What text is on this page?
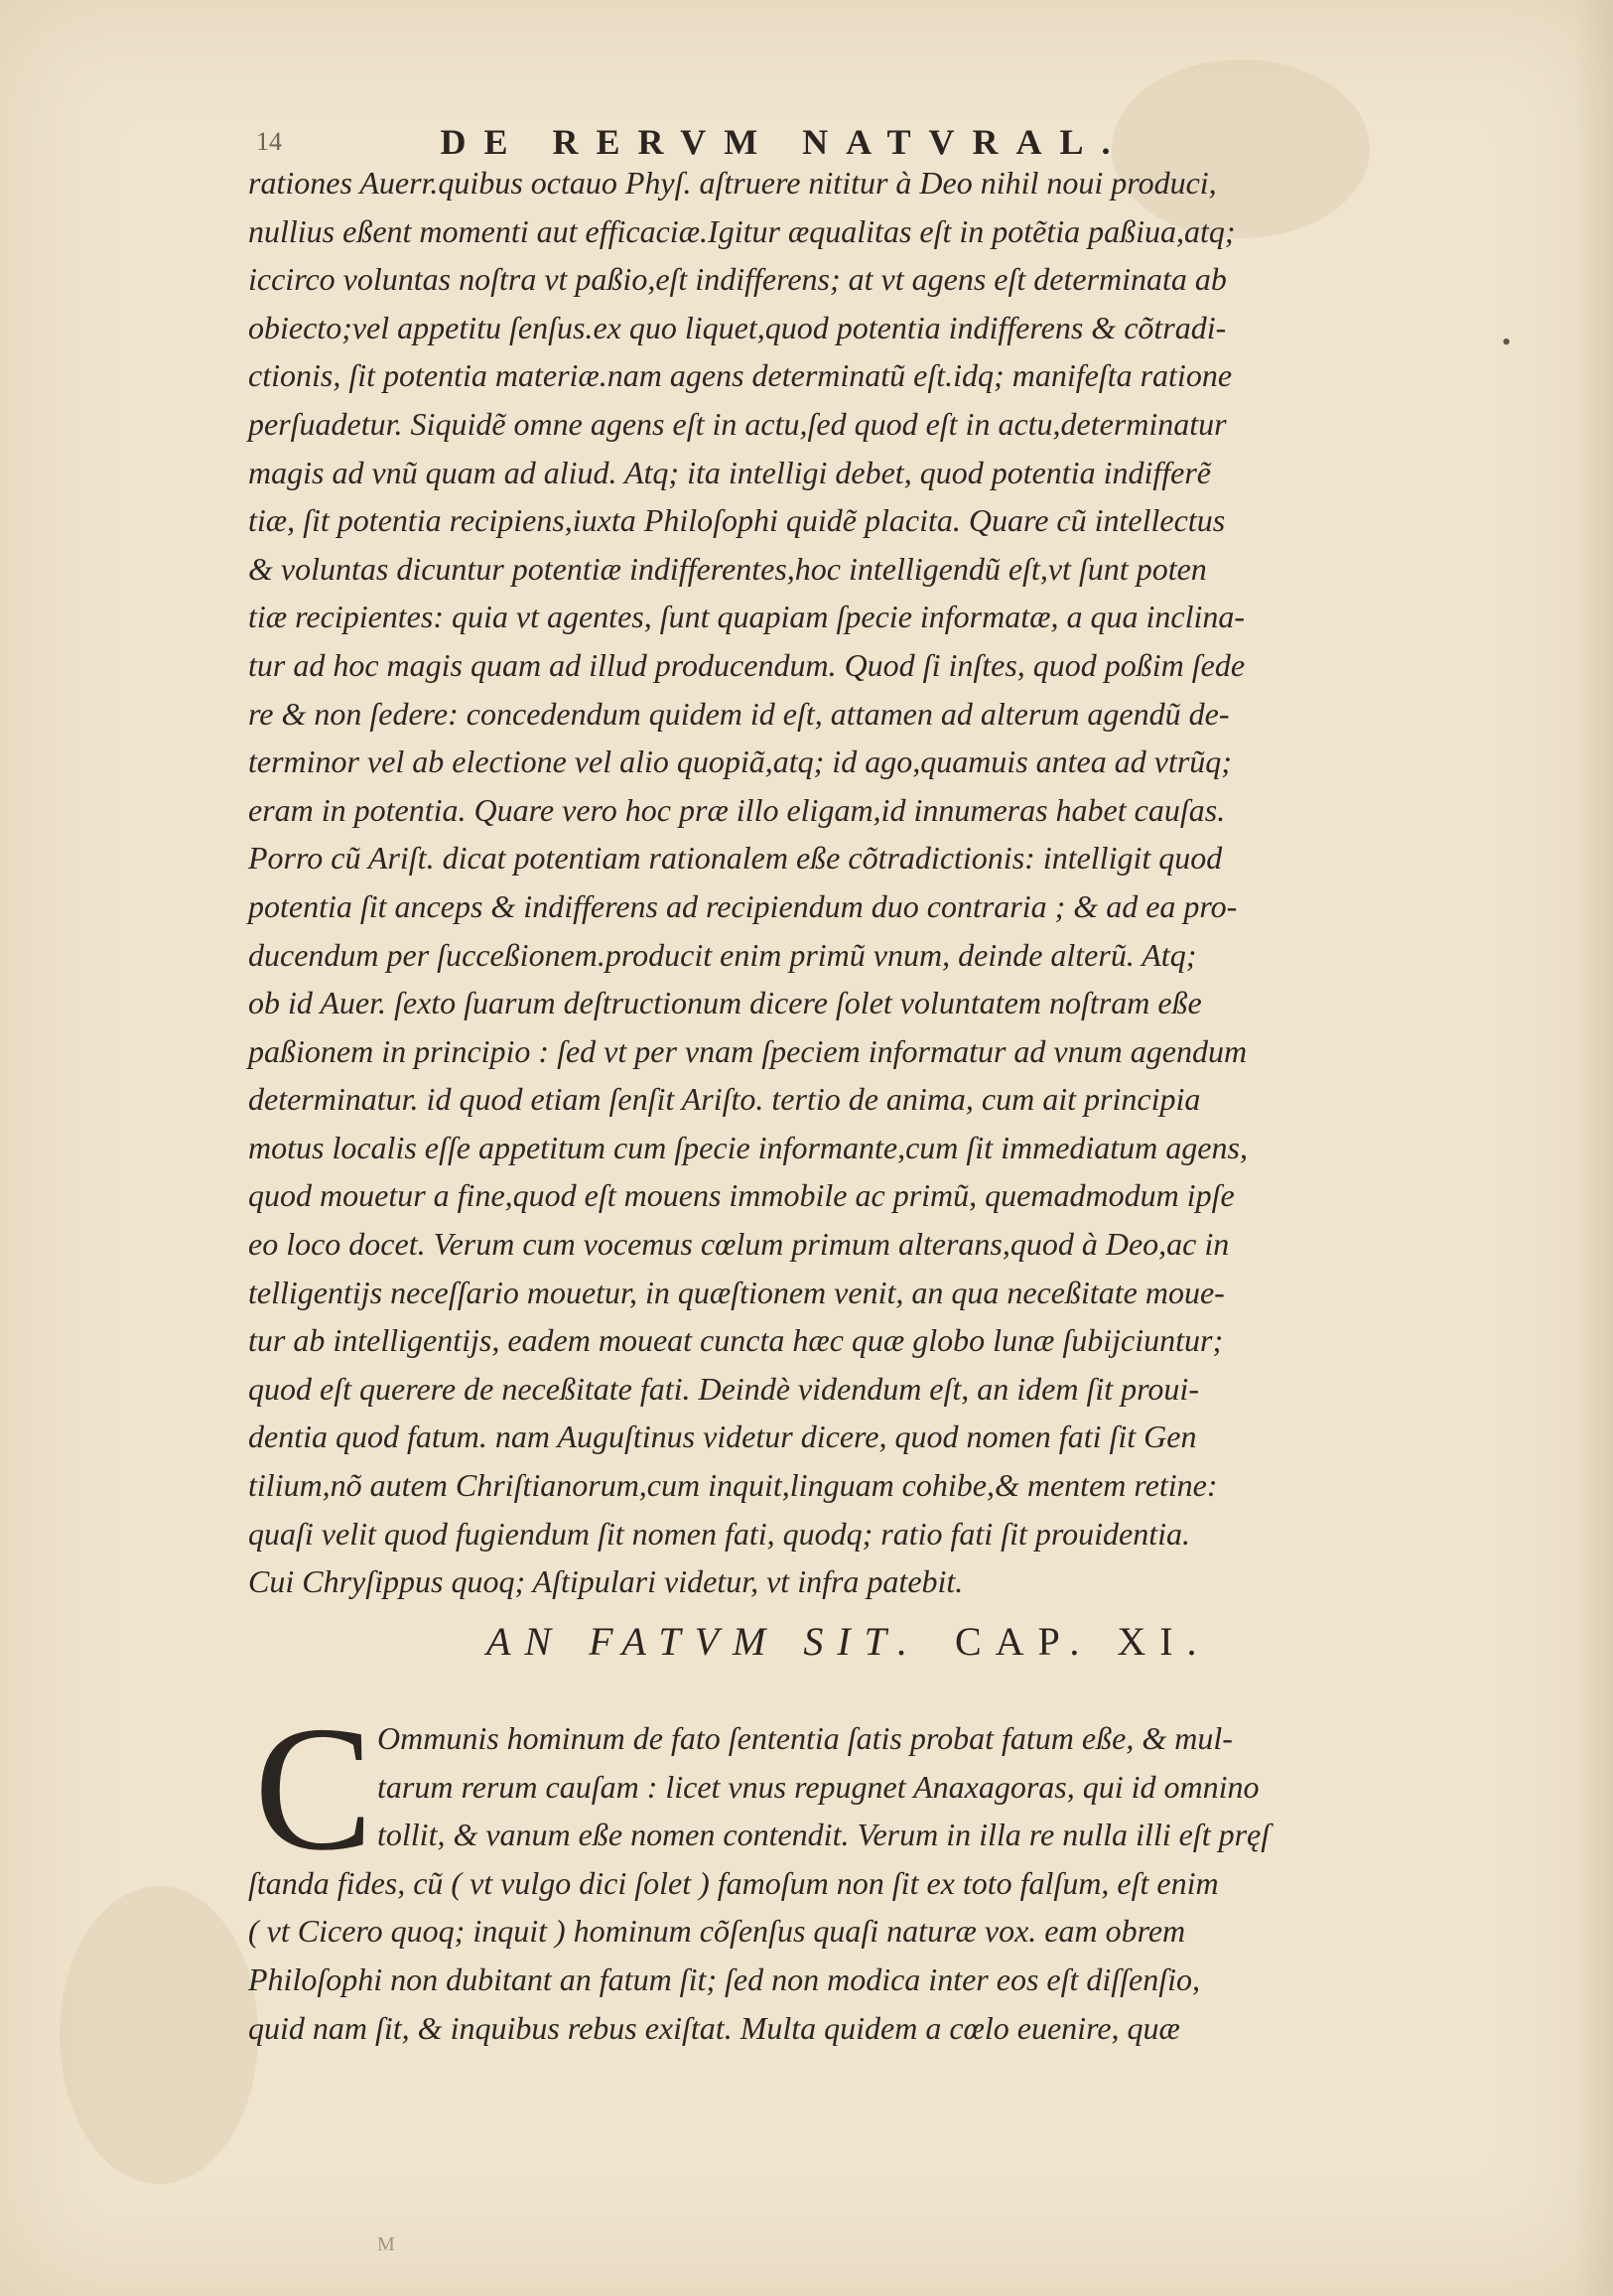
14	DE RERVM NATVRAL.
•
rationes Auerr.quibus octauo Phyſ. aſtruere nititur à Deo nihil noui produci,
nullius eßent momenti aut efficaciæ.Igitur æqualitas eſt in potẽtia paßiua,atq;
iccirco voluntas noſtra vt paßio,eſt indifferens; at vt agens eſt determinata ab
obiecto;vel appetitu ſenſus.ex quo liquet,quod potentia indifferens & cõtradi-
ctionis, ſit potentia materiæ.nam agens determinatũ eſt.idq; manifeſta ratione
perſuadetur. Siquidẽ omne agens eſt in actu,ſed quod eſt in actu,determinatur
magis ad vnũ quam ad aliud. Atq; ita intelligi debet, quod potentia indifferẽ
tiæ, ſit potentia recipiens,iuxta Philoſophi quidẽ placita. Quare cũ intellectus
& voluntas dicuntur potentiæ indifferentes,hoc intelligendũ eſt,vt ſunt poten
tiæ recipientes: quia vt agentes, ſunt quapiam ſpecie informatæ, a qua inclina-
tur ad hoc magis quam ad illud producendum. Quod ſi inſtes, quod poßim ſede
re & non ſedere: concedendum quidem id eſt, attamen ad alterum agendũ de-
terminor vel ab electione vel alio quopiã,atq; id ago,quamuis antea ad vtrũq;
eram in potentia. Quare vero hoc præ illo eligam,id innumeras habet cauſas.
Porro cũ Ariſt. dicat potentiam rationalem eße cõtradictionis: intelligit quod
potentia ſit anceps & indifferens ad recipiendum duo contraria ; & ad ea pro-
ducendum per ſucceßionem.producit enim primũ vnum, deinde alterũ. Atq;
ob id Auer. ſexto ſuarum deſtructionum dicere ſolet voluntatem noſtram eße
paßionem in principio : ſed vt per vnam ſpeciem informatur ad vnum agendum
determinatur. id quod etiam ſenſit Ariſto. tertio de anima, cum ait principia
motus localis eſſe appetitum cum ſpecie informante,cum ſit immediatum agens,
quod mouetur a fine,quod eſt mouens immobile ac primũ, quemadmodum ipſe
eo loco docet. Verum cum vocemus cœlum primum alterans,quod à Deo,ac in
telligentijs neceſſario mouetur, in quæſtionem venit, an qua neceßitate moue-
tur ab intelligentijs, eadem moueat cuncta hæc quæ globo lunæ ſubijciuntur;
quod eſt querere de neceßitate fati. Deindè videndum eſt, an idem ſit proui-
dentia quod fatum. nam Auguſtinus videtur dicere, quod nomen fati ſit Gen
tilium,nõ autem Chriſtianorum,cum inquit,linguam cohibe,& mentem retine:
quaſi velit quod fugiendum ſit nomen fati, quodq; ratio fati ſit prouidentia.
Cui Chryſippus quoq; Aſtipulari videtur, vt infra patebit.
AN FATVM SIT. CAP. XI.
C Ommunis hominum de fato ſententia ſatis probat fatum eße, & mul-
tarum rerum cauſam : licet vnus repugnet Anaxagoras, qui id omnino
tollit, & vanum eße nomen contendit. Verum in illa re nulla illi eſt pręſ
ſtanda fides, cũ ( vt vulgo dici ſolet ) famoſum non ſit ex toto falſum, eſt enim
( vt Cicero quoq; inquit ) hominum cõſenſus quaſi naturæ vox. eam obrem
Philoſophi non dubitant an fatum ſit; ſed non modica inter eos eſt diſſenſio,
quid nam ſit, & inquibus rebus exiſtat. Multa quidem a cœlo euenire, quæ
M
